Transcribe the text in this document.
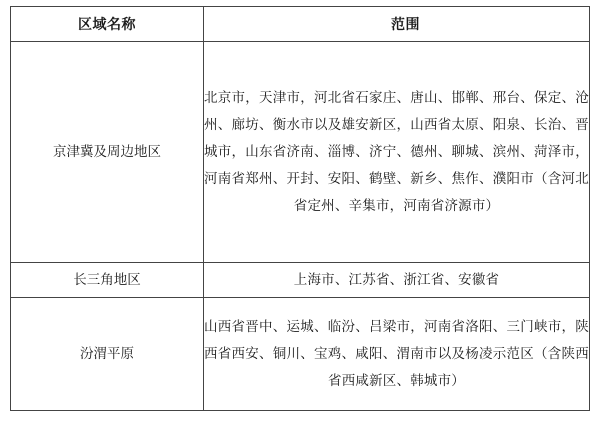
区域名称	范围
京津冀及周边地区	北京市，天津市，河北省石家庄、唐山、邯郸、邢台、保定、沧州、廊坊、衡水市以及雄安新区，山西省太原、阳泉、长治、晋城市，山东省济南、淄博、济宁、德州、聊城、滨州、菏泽市，河南省郑州、开封、安阳、鹤壁、新乡、焦作、濮阳市（含河北省定州、辛集市，河南省济源市）
长三角地区	上海市、江苏省、浙江省、安徽省
汾渭平原	山西省晋中、运城、临汾、吕梁市，河南省洛阳、三门峡市，陕西省西安、铜川、宝鸡、咸阳、渭南市以及杨凌示范区（含陕西省西咸新区、韩城市）
